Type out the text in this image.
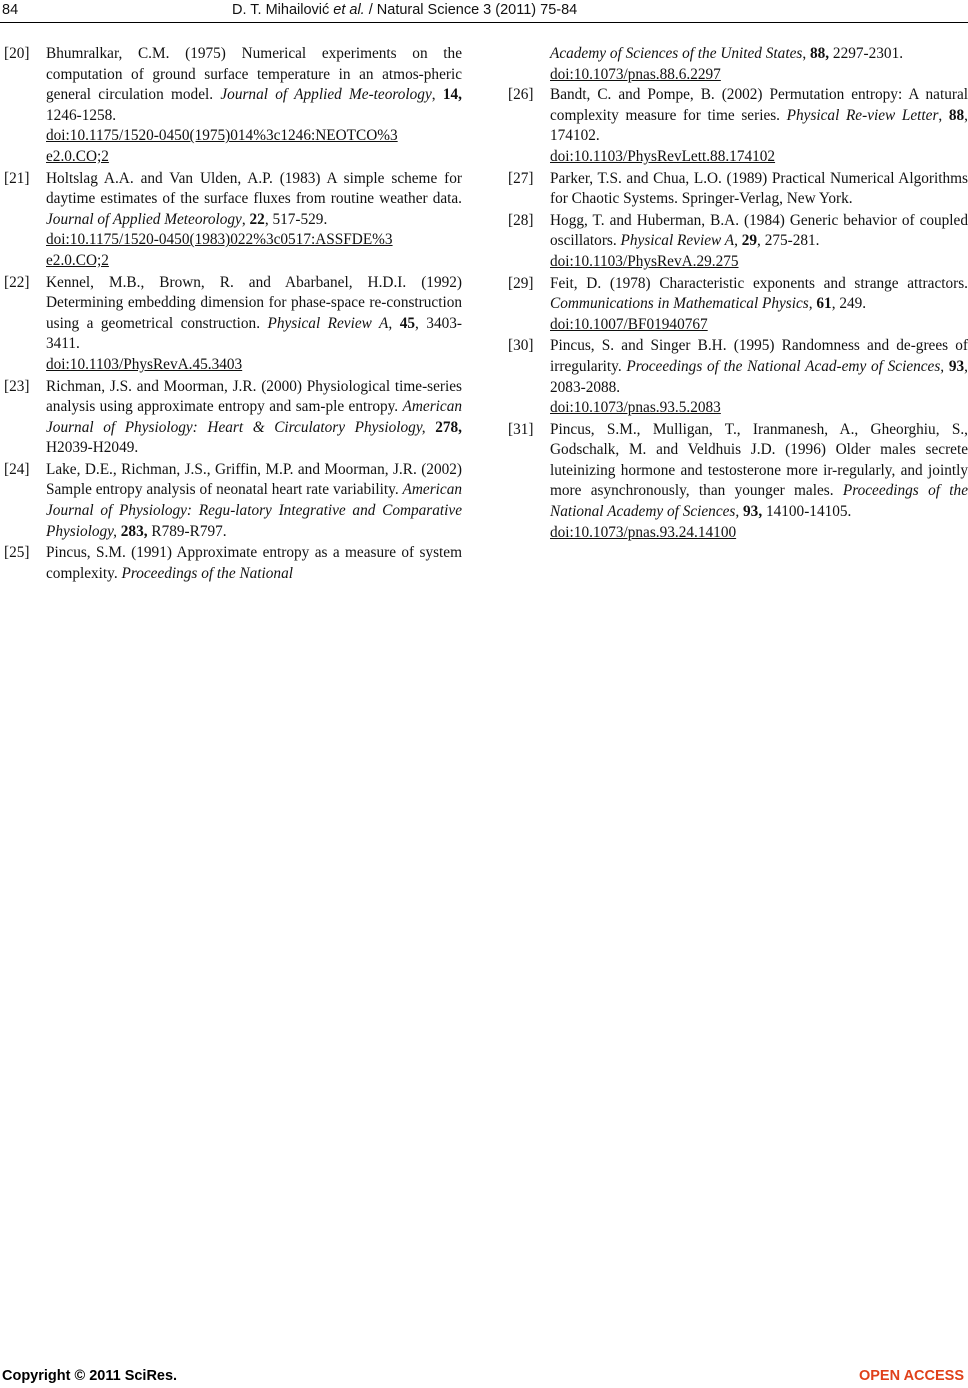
84	D. T. Mihailović et al. / Natural Science 3 (2011) 75-84
[20]	Bhumralkar, C.M. (1975) Numerical experiments on the computation of ground surface temperature in an atmos-pheric general circulation model. Journal of Applied Me-teorology, 14, 1246-1258.
doi:10.1175/1520-0450(1975)014%3c1246:NEOTCO%3
e2.0.CO;2
[21]	Holtslag A.A. and Van Ulden, A.P. (1983) A simple scheme for daytime estimates of the surface fluxes from routine weather data. Journal of Applied Meteorology, 22, 517-529.
doi:10.1175/1520-0450(1983)022%3c0517:ASSFDE%3
e2.0.CO;2
[22]	Kennel, M.B., Brown, R. and Abarbanel, H.D.I. (1992) Determining embedding dimension for phase-space re-construction using a geometrical construction. Physical Review A, 45, 3403-3411.
doi:10.1103/PhysRevA.45.3403
[23]	Richman, J.S. and Moorman, J.R. (2000) Physiological time-series analysis using approximate entropy and sam-ple entropy. American Journal of Physiology: Heart & Circulatory Physiology, 278, H2039-H2049.
[24]	Lake, D.E., Richman, J.S., Griffin, M.P. and Moorman, J.R. (2002) Sample entropy analysis of neonatal heart rate variability. American Journal of Physiology: Regu-latory Integrative and Comparative Physiology, 283, R789-R797.
[25]	Pincus, S.M. (1991) Approximate entropy as a measure of system complexity. Proceedings of the National
Academy of Sciences of the United States, 88, 2297-2301.
doi:10.1073/pnas.88.6.2297
[26]	Bandt, C. and Pompe, B. (2002) Permutation entropy: A natural complexity measure for time series. Physical Re-view Letter, 88, 174102.
doi:10.1103/PhysRevLett.88.174102
[27]	Parker, T.S. and Chua, L.O. (1989) Practical Numerical Algorithms for Chaotic Systems. Springer-Verlag, New York.
[28]	Hogg, T. and Huberman, B.A. (1984) Generic behavior of coupled oscillators. Physical Review A, 29, 275-281.
doi:10.1103/PhysRevA.29.275
[29]	Feit, D. (1978) Characteristic exponents and strange attractors. Communications in Mathematical Physics, 61, 249.
doi:10.1007/BF01940767
[30]	Pincus, S. and Singer B.H. (1995) Randomness and de-grees of irregularity. Proceedings of the National Acad-emy of Sciences, 93, 2083-2088.
doi:10.1073/pnas.93.5.2083
[31]	Pincus, S.M., Mulligan, T., Iranmanesh, A., Gheorghiu, S., Godschalk, M. and Veldhuis J.D. (1996) Older males secrete luteinizing hormone and testosterone more ir-regularly, and jointly more asynchronously, than younger males. Proceedings of the National Academy of Sciences, 93, 14100-14105.
doi:10.1073/pnas.93.24.14100
Copyright © 2011 SciRes.	OPEN ACCESS
